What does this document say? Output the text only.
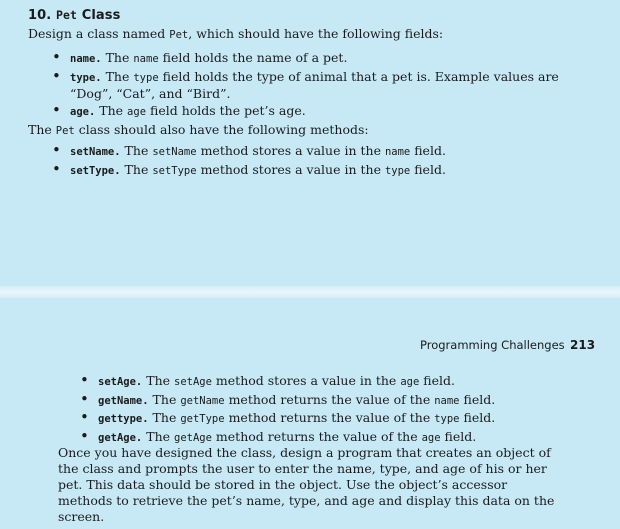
10. Pet Class

Design a class named Pet, which should have the following fields:

• name. The name field holds the name of a pet.
• type. The type field holds the type of animal that a pet is. Example values are “Dog”, “Cat”, and “Bird”.
• age. The age field holds the pet’s age.

The Pet class should also have the following methods:

• setName. The setName method stores a value in the name field.
• setType. The setType method stores a value in the type field.
Programming Challenges 213
• setAge. The setAge method stores a value in the age field.
• getName. The getName method returns the value of the name field.
• gettype. The getType method returns the value of the type field.
• getAge. The getAge method returns the value of the age field.

Once you have designed the class, design a program that creates an object of the class and prompts the user to enter the name, type, and age of his or her pet. This data should be stored in the object. Use the object’s accessor methods to retrieve the pet’s name, type, and age and display this data on the screen.
